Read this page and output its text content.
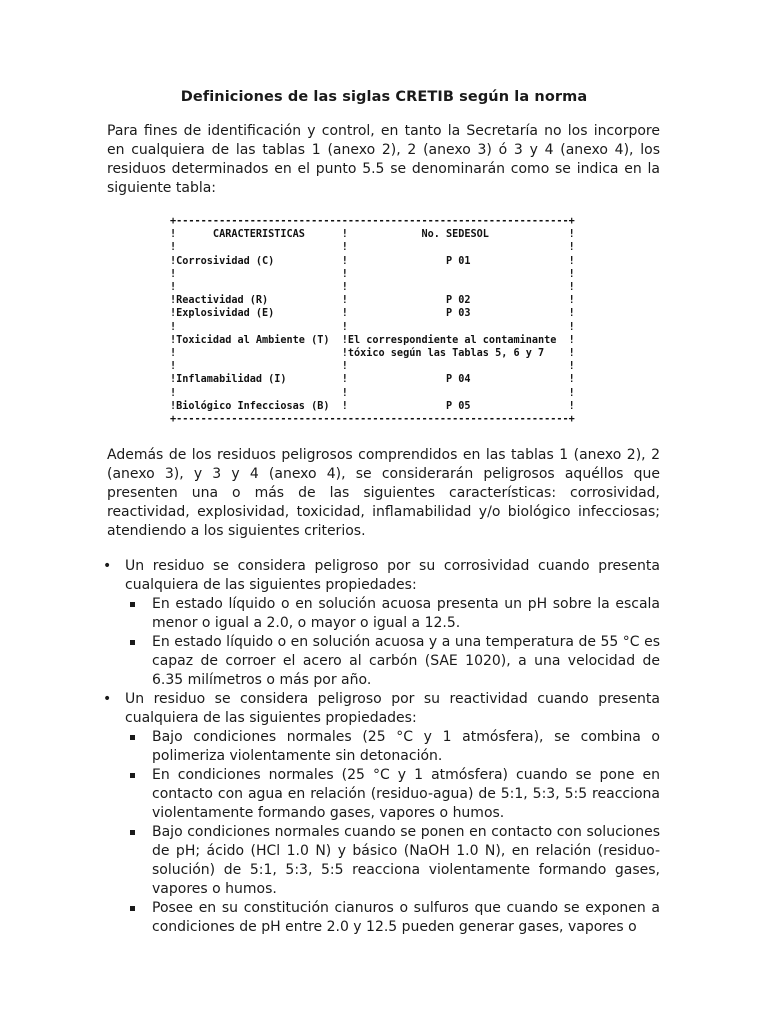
Definiciones de las siglas CRETIB según la norma

Para fines de identificación y control, en tanto la Secretaría no los incorpore en cualquiera de las tablas 1 (anexo 2), 2 (anexo 3) ó 3 y 4 (anexo 4), los residuos determinados en el punto 5.5 se denominarán como se indica en la siguiente tabla:

+----------------------------------------------------------------+
!      CARACTERISTICAS      !            No. SEDESOL             !
!                           !                                    !
!Corrosividad (C)           !                P 01                !
!                           !                                    !
!                           !                                    !
!Reactividad (R)            !                P 02                !
!Explosividad (E)           !                P 03                !
!                           !                                    !
!Toxicidad al Ambiente (T)  !El correspondiente al contaminante  !
!                           !tóxico según las Tablas 5, 6 y 7    !
!                           !                                    !
!Inflamabilidad (I)         !                P 04                !
!                           !                                    !
!Biológico Infecciosas (B)  !                P 05                !
+----------------------------------------------------------------+

Además de los residuos peligrosos comprendidos en las tablas 1 (anexo 2), 2 (anexo 3), y 3 y 4 (anexo 4), se considerarán peligrosos aquéllos que presenten una o más de las siguientes características: corrosividad, reactividad, explosividad, toxicidad, inflamabilidad y/o biológico infecciosas; atendiendo a los siguientes criterios.

• Un residuo se considera peligroso por su corrosividad cuando presenta cualquiera de las siguientes propiedades:
En estado líquido o en solución acuosa presenta un pH sobre la escala menor o igual a 2.0, o mayor o igual a 12.5.
En estado líquido o en solución acuosa y a una temperatura de 55 °C es capaz de corroer el acero al carbón (SAE 1020), a una velocidad de 6.35 milímetros o más por año.
• Un residuo se considera peligroso por su reactividad cuando presenta cualquiera de las siguientes propiedades:
Bajo condiciones normales (25 °C y 1 atmósfera), se combina o polimeriza violentamente sin detonación.
En condiciones normales (25 °C y 1 atmósfera) cuando se pone en contacto con agua en relación (residuo-agua) de 5:1, 5:3, 5:5 reacciona violentamente formando gases, vapores o humos.
Bajo condiciones normales cuando se ponen en contacto con soluciones de pH; ácido (HCl 1.0 N) y básico (NaOH 1.0 N), en relación (residuo-solución) de 5:1, 5:3, 5:5 reacciona violentamente formando gases, vapores o humos.
Posee en su constitución cianuros o sulfuros que cuando se exponen a condiciones de pH entre 2.0 y 12.5 pueden generar gases, vapores o
